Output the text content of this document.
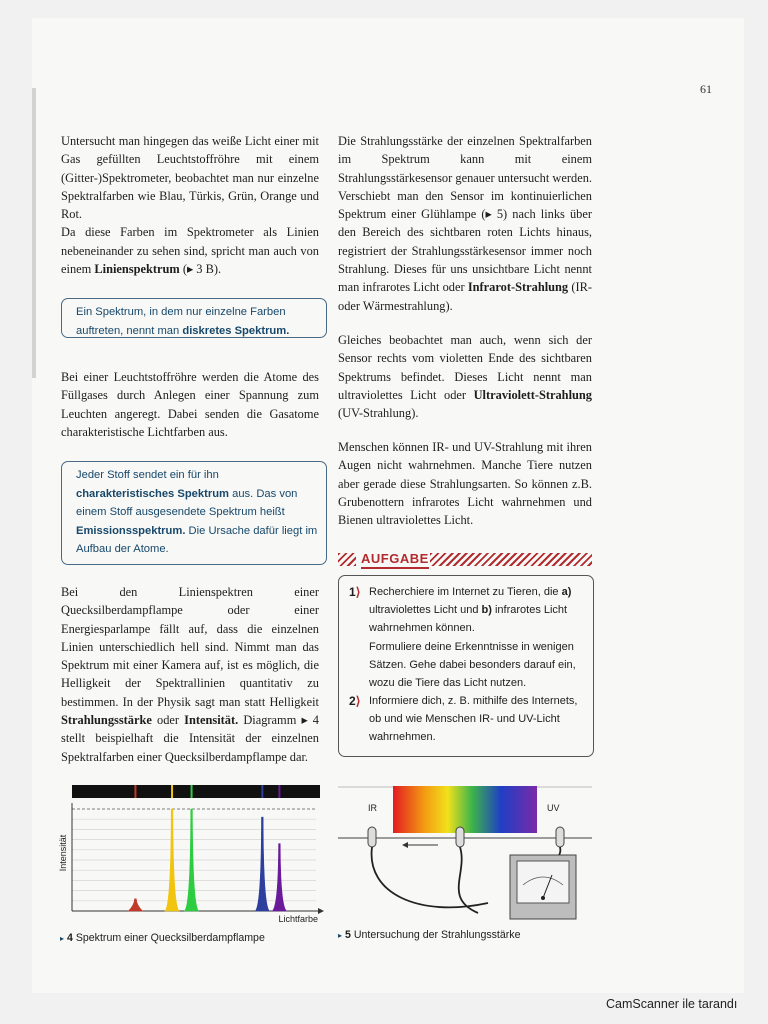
61

Untersucht man hingegen das weiße Licht einer mit Gas gefüllten Leuchtstoffröhre mit einem (Gitter-)Spektrometer, beobachtet man nur einzelne Spektralfarben wie Blau, Türkis, Grün, Orange und Rot.

Da diese Farben im Spektrometer als Linien nebeneinander zu sehen sind, spricht man auch von einem Linienspektrum (▸ 3 B).

Ein Spektrum, in dem nur einzelne Farben auftreten, nennt man diskretes Spektrum.

Bei einer Leuchtstoffröhre werden die Atome des Füllgases durch Anlegen einer Spannung zum Leuchten angeregt. Dabei senden die Gasatome charakteristische Lichtfarben aus.

Jeder Stoff sendet ein für ihn charakteristisches Spektrum aus. Das von einem Stoff ausgesendete Spektrum heißt Emissionsspektrum. Die Ursache dafür liegt im Aufbau der Atome.

Bei den Linienspektren einer Quecksilberdampflampe oder einer Energiesparlampe fällt auf, dass die einzelnen Linien unterschiedlich hell sind. Nimmt man das Spektrum mit einer Kamera auf, ist es möglich, die Helligkeit der Spektrallinien quantitativ zu bestimmen. In der Physik sagt man statt Helligkeit Strahlungsstärke oder Intensität. Diagramm ▸ 4 stellt beispielhaft die Intensität der einzelnen Spektralfarben einer Quecksilberdampflampe dar.

Die Strahlungsstärke der einzelnen Spektralfarben im Spektrum kann mit einem Strahlungsstärkesensor genauer untersucht werden. Verschiebt man den Sensor im kontinuierlichen Spektrum einer Glühlampe (▸ 5) nach links über den Bereich des sichtbaren roten Lichts hinaus, registriert der Strahlungsstärkesensor immer noch Strahlung. Dieses für uns unsichtbare Licht nennt man infrarotes Licht oder Infrarot-Strahlung (IR- oder Wärmestrahlung).

Gleiches beobachtet man auch, wenn sich der Sensor rechts vom violetten Ende des sichtbaren Spektrums befindet. Dieses Licht nennt man ultraviolettes Licht oder Ultraviolett-Strahlung (UV-Strahlung).

Menschen können IR- und UV-Strahlung mit ihren Augen nicht wahrnehmen. Manche Tiere nutzen aber gerade diese Strahlungsarten. So können z.B. Grubenottern infrarotes Licht wahrnehmen und Bienen ultraviolettes Licht.

AUFGABE
1⟩ Recherchiere im Internet zu Tieren, die a) ultraviolettes Licht und b) infrarotes Licht wahrnehmen können.
Formuliere deine Erkenntnisse in wenigen Sätzen. Gehe dabei besonders darauf ein, wozu die Tiere das Licht nutzen.
2⟩ Informiere dich, z. B. mithilfe des Internets, ob und wie Menschen IR- und UV-Licht wahrnehmen.
Intensität
Lichtfarbe
▸ 4 Spektrum einer Quecksilberdampflampe
IR	UV
▸ 5 Untersuchung der Strahlungsstärke
CamScanner ile tarandı
